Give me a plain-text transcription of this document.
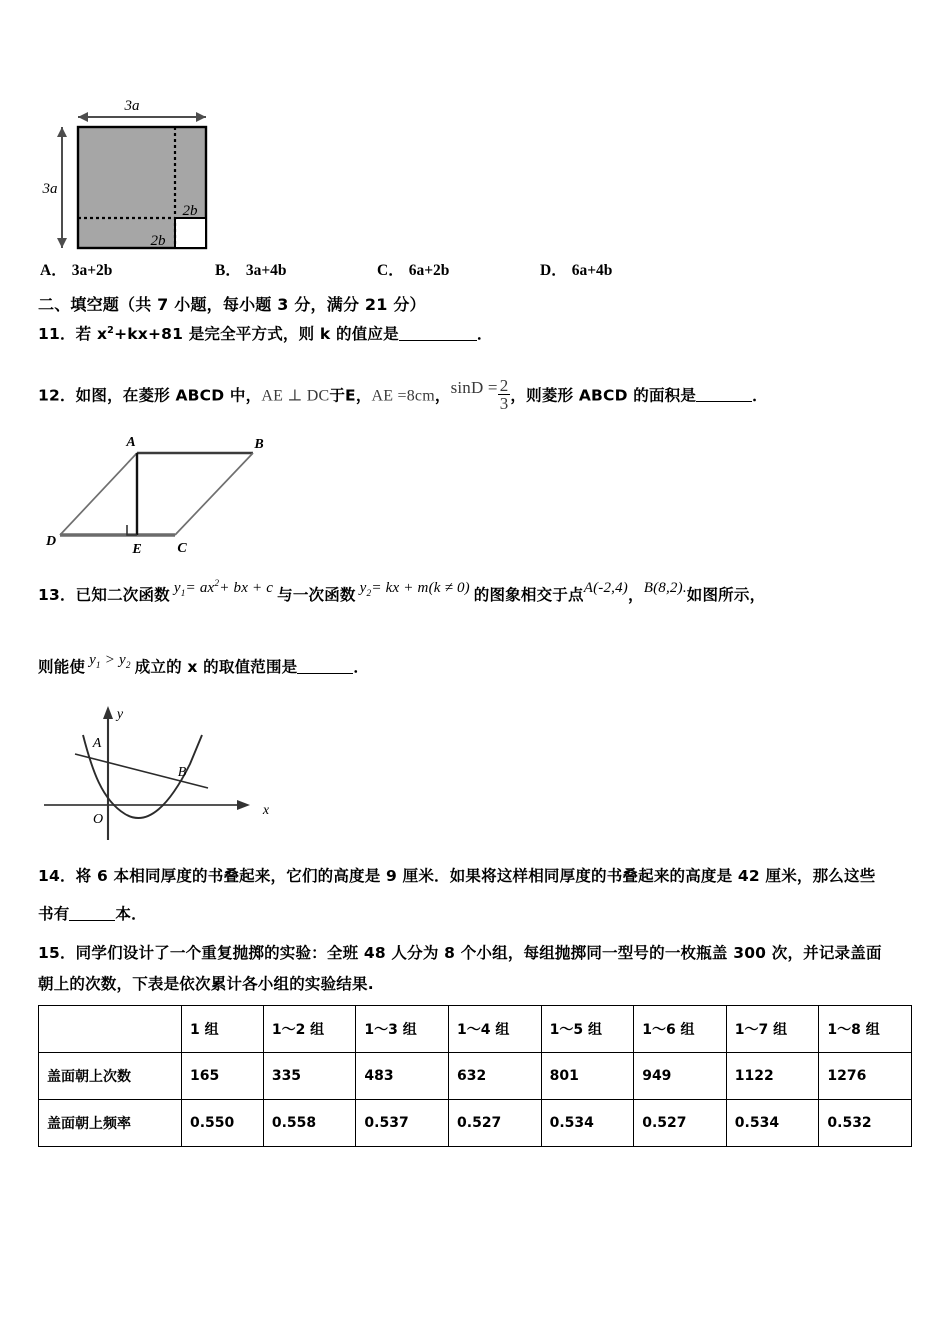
3a
3a
2b
2b
A． 3a+2b	B． 3a+4b	C． 6a+2b	D． 6a+4b
二、填空题（共 7 小题，每小题 3 分，满分 21 分）
11．若 $x^2+kx+81$ 是完全平方式，则 k 的值应是	．
12．如图，在菱形 ABCD 中，AE ⊥ DC于E，AE =8cm，$\sin D = \frac{2}{3}$ ，则菱形 ABCD 的面积是	．
A	B
C
D
E
13．已知二次函数 $y_1= ax^2+$ bx + c 与一次函数 $y_2=$ kx + m(k ≠ 0) 的图象相交于点A(-2,4)，B(8,2).如图所示，
则能使 $y_1 > y_2$ 成立的 x 的取值范围是	．
x
y
O
A
B
14．将 6 本相同厚度的书叠起来，它们的高度是 9 厘米．如果将这样相同厚度的书叠起来的高度是 42 厘米，那么这些
书有	本．
15．同学们设计了一个重复抛掷的实验：全班 48 人分为 8 个小组，每组抛掷同一型号的一枚瓶盖 300 次，并记录盖面
朝上的次数，下表是依次累计各小组的实验结果.
	1 组	1～2 组	1～3 组	1～4 组	1～5 组	1～6 组	1～7 组	1～8 组
盖面朝上次数	165	335	483	632	801	949	1122	1276
盖面朝上频率	0.550	0.558	0.537	0.527	0.534	0.527	0.534	0.532
